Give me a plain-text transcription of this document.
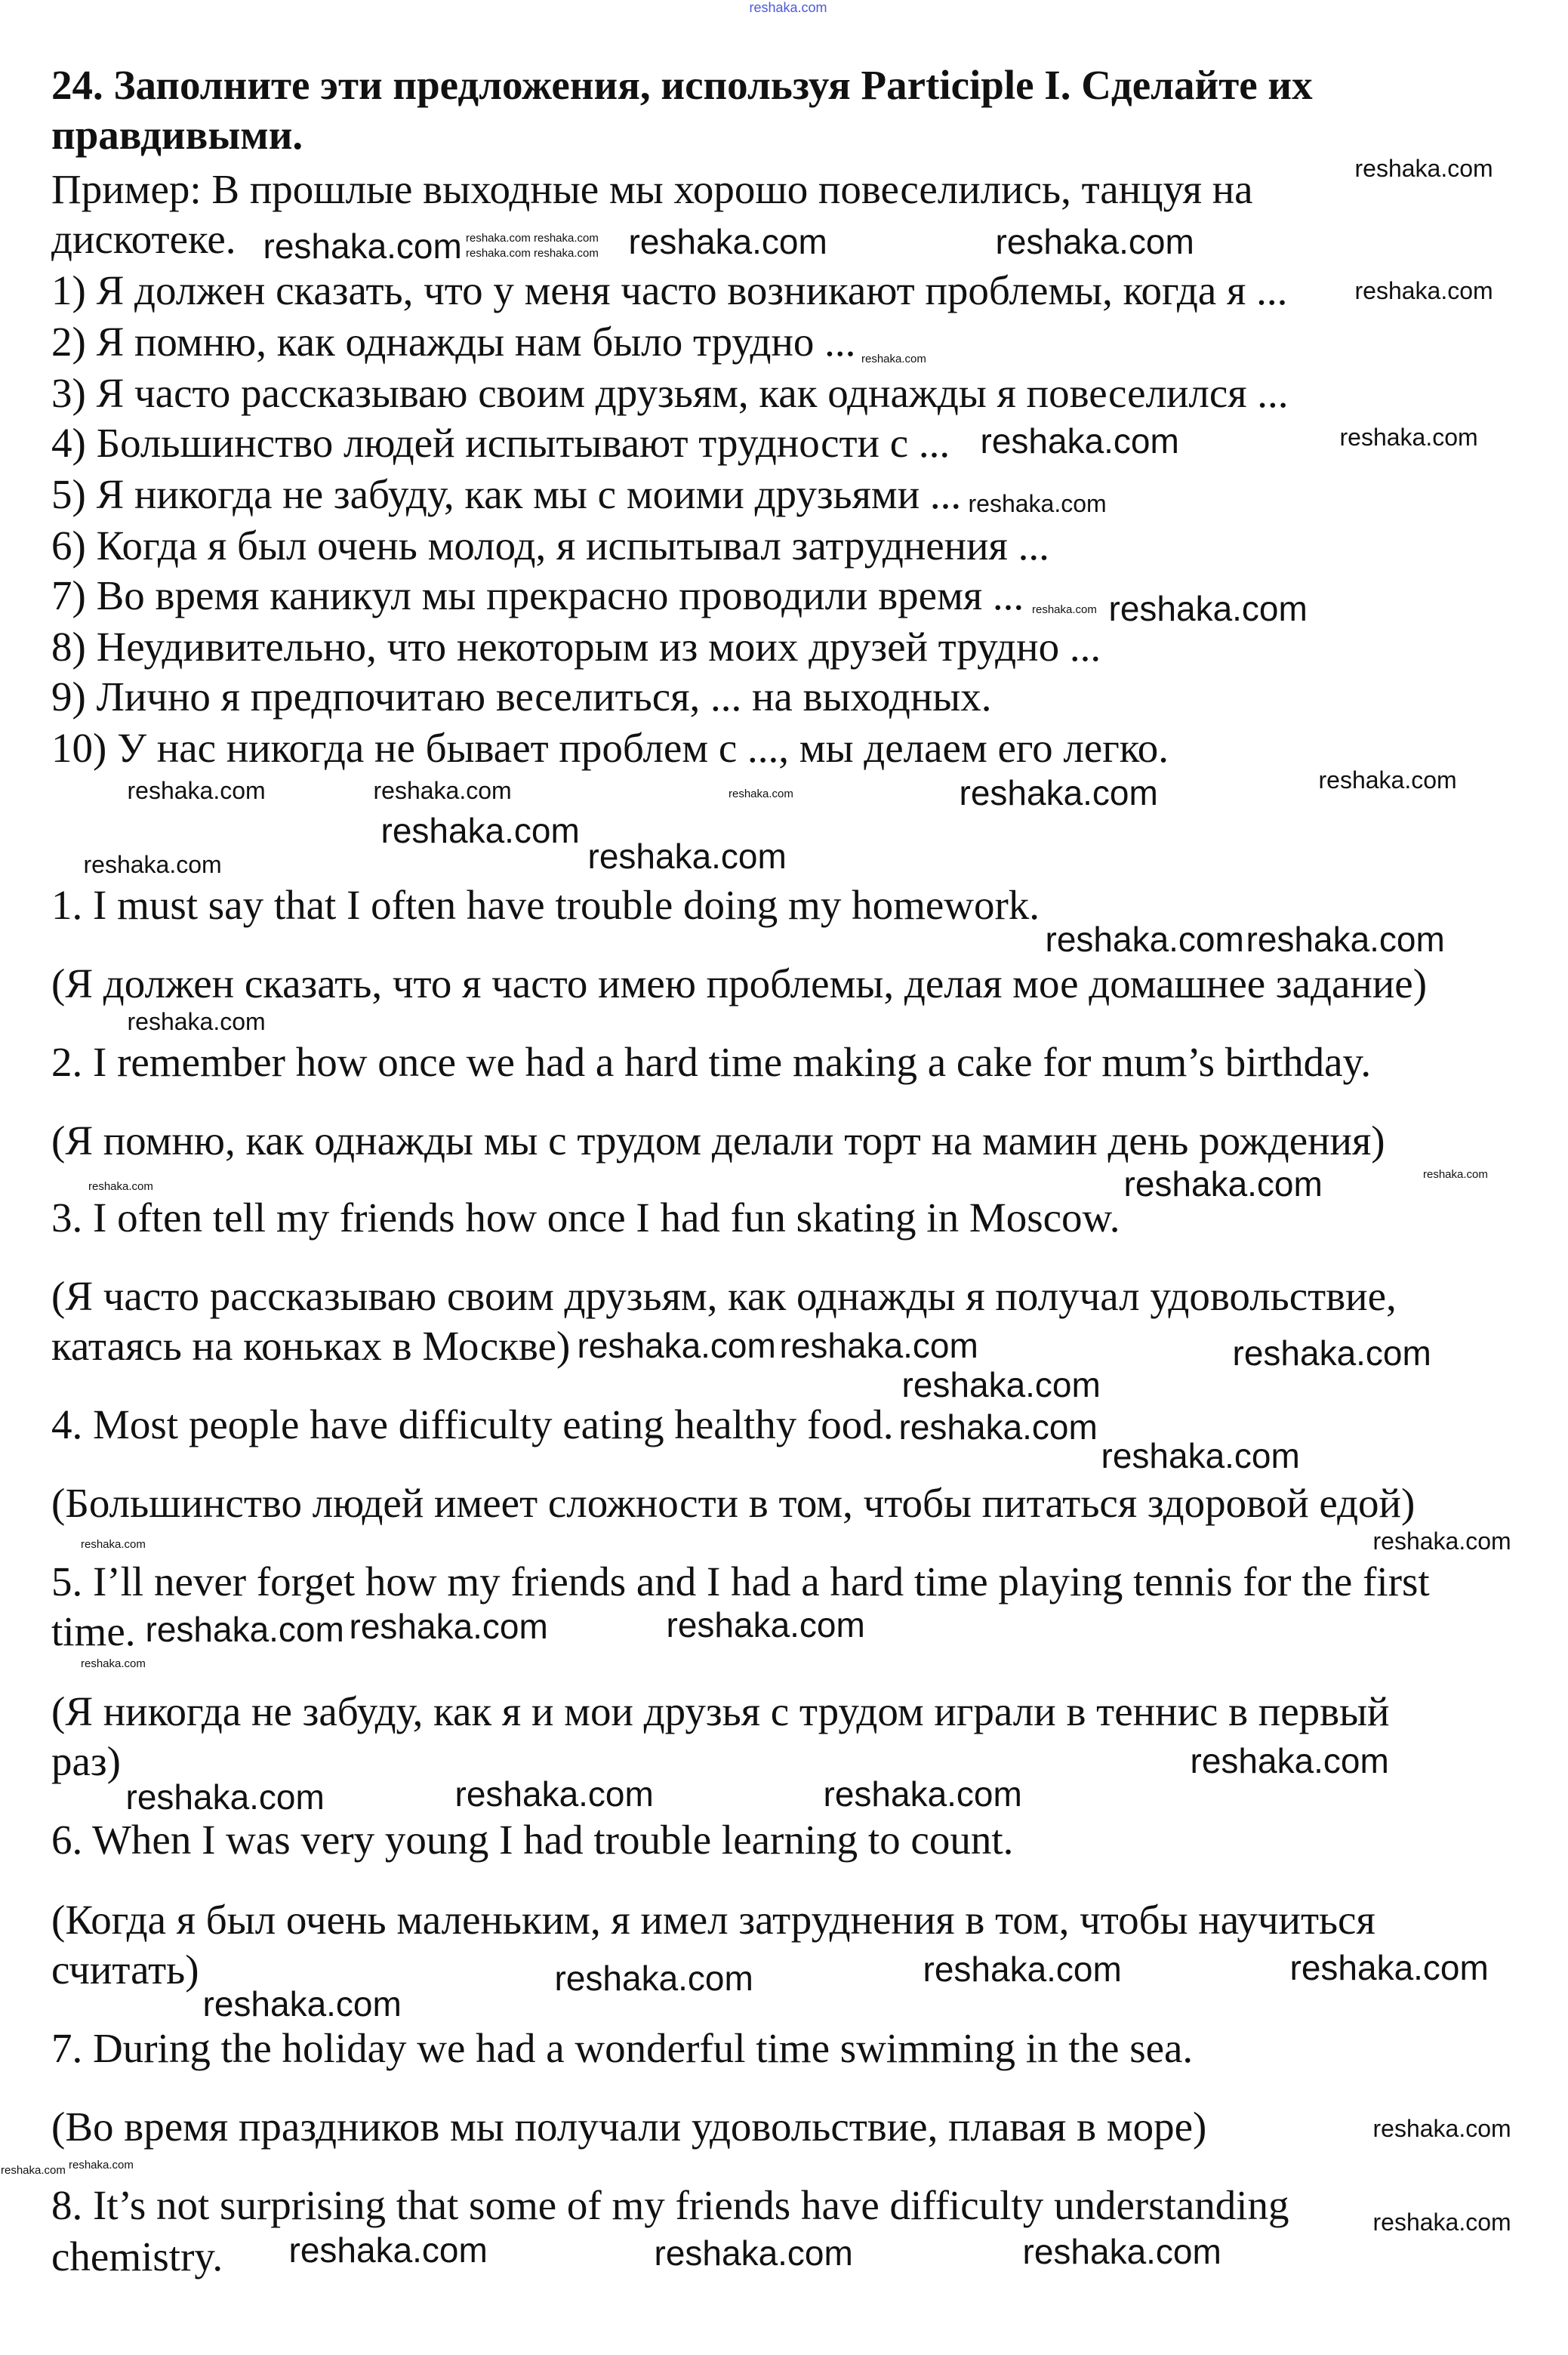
24. Заполните эти предложения, используя Participle I. Сделайте их
правдивыми.
Пример: В прошлые выходные мы хорошо повеселились, танцуя на
дискотеке.
1) Я должен сказать, что у меня часто возникают проблемы, когда я ...
2) Я помню, как однажды нам было трудно ...
3) Я часто рассказываю своим друзьям, как однажды я повеселился ...
4) Большинство людей испытывают трудности с ...
5) Я никогда не забуду, как мы с моими друзьями ...
6) Когда я был очень молод, я испытывал затруднения ...
7) Во время каникул мы прекрасно проводили время ...
8) Неудивительно, что некоторым из моих друзей трудно ...
9) Лично я предпочитаю веселиться, ... на выходных.
10) У нас никогда не бывает проблем с ..., мы делаем его легко.
1. I must say that I often have trouble doing my homework.
(Я должен сказать, что я часто имею проблемы, делая мое домашнее задание)
2. I remember how once we had a hard time making a cake for mum’s birthday.
(Я помню, как однажды мы с трудом делали торт на мамин день рождения)
3. I often tell my friends how once I had fun skating in Moscow.
(Я часто рассказываю своим друзьям, как однажды я получал удовольствие,
катаясь на коньках в Москве)
4. Most people have difficulty eating healthy food.
(Большинство людей имеет сложности в том, чтобы питаться здоровой едой)
5. I’ll never forget how my friends and I had a hard time playing tennis for the first
time.
(Я никогда не забуду, как я и мои друзья с трудом играли в теннис в первый
раз)
6. When I was very young I had trouble learning to count.
(Когда я был очень маленьким, я имел затруднения в том, чтобы научиться
считать)
7. During the holiday we had a wonderful time swimming in the sea.
(Во время праздников мы получали удовольствие, плавая в море)
8. It’s not surprising that some of my friends have difficulty understanding
chemistry.
reshaka.com
reshaka.com
reshaka.com	reshaka.com	reshaka.com
reshaka.com
reshaka.com
reshaka.com
reshaka.com
reshaka.com
reshaka.com
reshaka.com	reshaka.com
reshaka.com	reshaka.com
reshaka.com
reshaka.com reshaka.com
reshaka.com
reshaka.com	reshaka.com
reshaka.com
reshaka.com	reshaka.com
reshaka.com reshaka.com
reshaka.com
reshaka.com
reshaka.com reshaka.com
reshaka.com	reshaka.com
reshaka.com
reshaka.com
reshaka.com
reshaka.com
reshaka.com
reshaka.com
reshaka.com
reshaka.com	reshaka.com
reshaka.com
reshaka.com
reshaka.com	reshaka.com	reshaka.com
reshaka.com	reshaka.com	reshaka.com
reshaka.com
reshaka.com
reshaka.com	reshaka.com
reshaka.com
reshaka.com
reshaka.com
reshaka.com
